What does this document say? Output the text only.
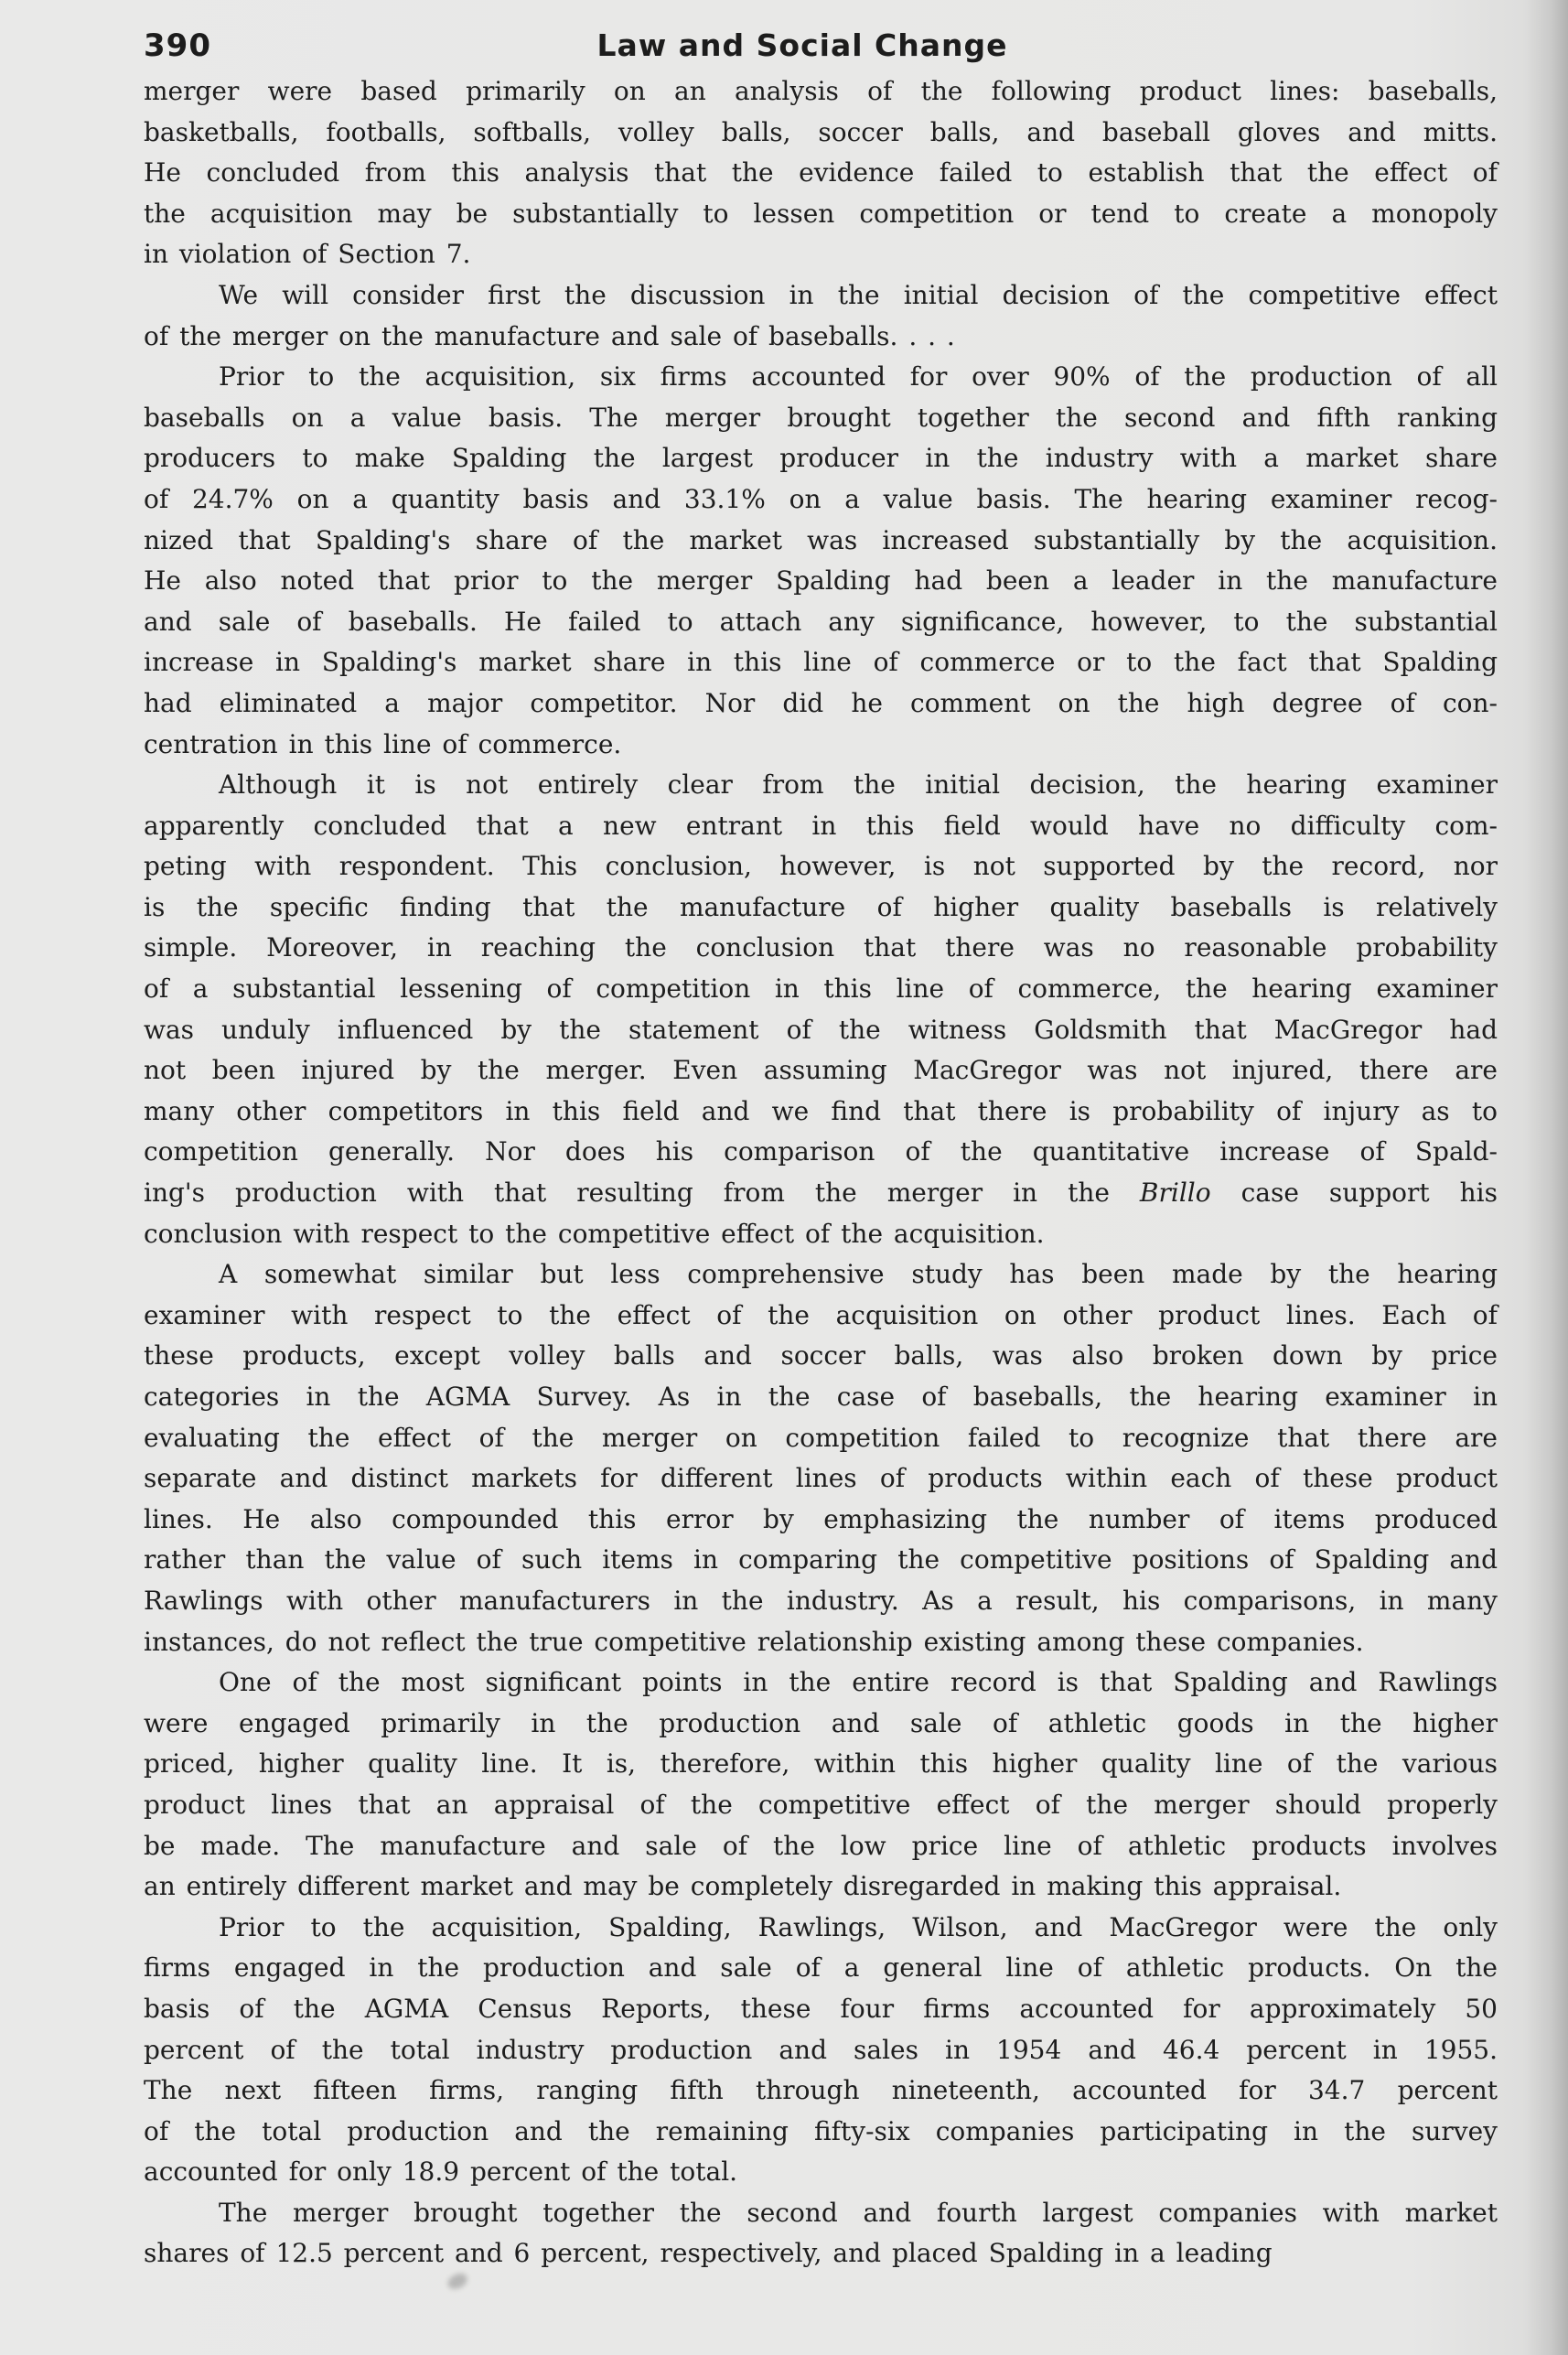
390	Law and Social Change
merger were based primarily on an analysis of the following product lines: baseballs,
basketballs, footballs, softballs, volley balls, soccer balls, and baseball gloves and mitts.
He concluded from this analysis that the evidence failed to establish that the effect of
the acquisition may be substantially to lessen competition or tend to create a monopoly
in violation of Section 7.
We will consider first the discussion in the initial decision of the competitive effect
of the merger on the manufacture and sale of baseballs. . . .
Prior to the acquisition, six firms accounted for over 90% of the production of all
baseballs on a value basis. The merger brought together the second and fifth ranking
producers to make Spalding the largest producer in the industry with a market share
of 24.7% on a quantity basis and 33.1% on a value basis. The hearing examiner recog-
nized that Spalding's share of the market was increased substantially by the acquisition.
He also noted that prior to the merger Spalding had been a leader in the manufacture
and sale of baseballs. He failed to attach any significance, however, to the substantial
increase in Spalding's market share in this line of commerce or to the fact that Spalding
had eliminated a major competitor. Nor did he comment on the high degree of con-
centration in this line of commerce.
Although it is not entirely clear from the initial decision, the hearing examiner
apparently concluded that a new entrant in this field would have no difficulty com-
peting with respondent. This conclusion, however, is not supported by the record, nor
is the specific finding that the manufacture of higher quality baseballs is relatively
simple. Moreover, in reaching the conclusion that there was no reasonable probability
of a substantial lessening of competition in this line of commerce, the hearing examiner
was unduly influenced by the statement of the witness Goldsmith that MacGregor had
not been injured by the merger. Even assuming MacGregor was not injured, there are
many other competitors in this field and we find that there is probability of injury as to
competition generally. Nor does his comparison of the quantitative increase of Spald-
ing's production with that resulting from the merger in the Brillo case support his
conclusion with respect to the competitive effect of the acquisition.
A somewhat similar but less comprehensive study has been made by the hearing
examiner with respect to the effect of the acquisition on other product lines. Each of
these products, except volley balls and soccer balls, was also broken down by price
categories in the AGMA Survey. As in the case of baseballs, the hearing examiner in
evaluating the effect of the merger on competition failed to recognize that there are
separate and distinct markets for different lines of products within each of these product
lines. He also compounded this error by emphasizing the number of items produced
rather than the value of such items in comparing the competitive positions of Spalding and
Rawlings with other manufacturers in the industry. As a result, his comparisons, in many
instances, do not reflect the true competitive relationship existing among these companies.
One of the most significant points in the entire record is that Spalding and Rawlings
were engaged primarily in the production and sale of athletic goods in the higher
priced, higher quality line. It is, therefore, within this higher quality line of the various
product lines that an appraisal of the competitive effect of the merger should properly
be made. The manufacture and sale of the low price line of athletic products involves
an entirely different market and may be completely disregarded in making this appraisal.
Prior to the acquisition, Spalding, Rawlings, Wilson, and MacGregor were the only
firms engaged in the production and sale of a general line of athletic products. On the
basis of the AGMA Census Reports, these four firms accounted for approximately 50
percent of the total industry production and sales in 1954 and 46.4 percent in 1955.
The next fifteen firms, ranging fifth through nineteenth, accounted for 34.7 percent
of the total production and the remaining fifty-six companies participating in the survey
accounted for only 18.9 percent of the total.
The merger brought together the second and fourth largest companies with market
shares of 12.5 percent and 6 percent, respectively, and placed Spalding in a leading
